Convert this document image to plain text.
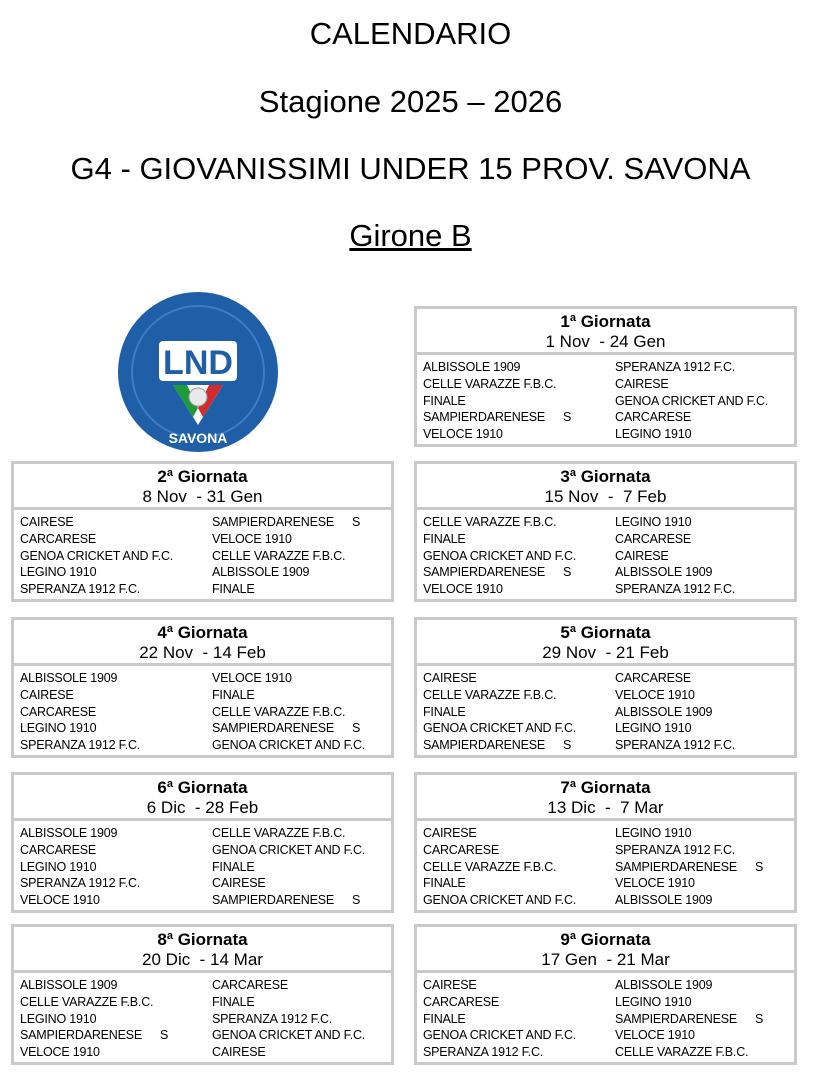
CALENDARIO
Stagione 2025 – 2026
G4 - GIOVANISSIMI UNDER 15 PROV. SAVONA
Girone B
LND
SAVONA
1$^a$ Giornata
1 Nov  - 24 Gen
ALBISSOLE 1909	SPERANZA 1912 F.C.
CELLE VARAZZE F.B.C.	CAIRESE
FINALE	GENOA CRICKET AND F.C.
SAMPIERDARENESE S	CARCARESE
VELOCE 1910	LEGINO 1910
2$^a$ Giornata
8 Nov  - 31 Gen
CAIRESE	SAMPIERDARENESE S
CARCARESE	VELOCE 1910
GENOA CRICKET AND F.C.	CELLE VARAZZE F.B.C.
LEGINO 1910	ALBISSOLE 1909
SPERANZA 1912 F.C.	FINALE
3$^a$ Giornata
15 Nov  -  7 Feb
CELLE VARAZZE F.B.C.	LEGINO 1910
FINALE	CARCARESE
GENOA CRICKET AND F.C.	CAIRESE
SAMPIERDARENESE S	ALBISSOLE 1909
VELOCE 1910	SPERANZA 1912 F.C.
4$^a$ Giornata
22 Nov  - 14 Feb
ALBISSOLE 1909	VELOCE 1910
CAIRESE	FINALE
CARCARESE	CELLE VARAZZE F.B.C.
LEGINO 1910	SAMPIERDARENESE S
SPERANZA 1912 F.C.	GENOA CRICKET AND F.C.
5$^a$ Giornata
29 Nov  - 21 Feb
CAIRESE	CARCARESE
CELLE VARAZZE F.B.C.	VELOCE 1910
FINALE	ALBISSOLE 1909
GENOA CRICKET AND F.C.	LEGINO 1910
SAMPIERDARENESE S	SPERANZA 1912 F.C.
6$^a$ Giornata
6 Dic  - 28 Feb
ALBISSOLE 1909	CELLE VARAZZE F.B.C.
CARCARESE	GENOA CRICKET AND F.C.
LEGINO 1910	FINALE
SPERANZA 1912 F.C.	CAIRESE
VELOCE 1910	SAMPIERDARENESE S
7$^a$ Giornata
13 Dic  -  7 Mar
CAIRESE	LEGINO 1910
CARCARESE	SPERANZA 1912 F.C.
CELLE VARAZZE F.B.C.	SAMPIERDARENESE S
FINALE	VELOCE 1910
GENOA CRICKET AND F.C.	ALBISSOLE 1909
8$^a$ Giornata
20 Dic  - 14 Mar
ALBISSOLE 1909	CARCARESE
CELLE VARAZZE F.B.C.	FINALE
LEGINO 1910	SPERANZA 1912 F.C.
SAMPIERDARENESE S	GENOA CRICKET AND F.C.
VELOCE 1910	CAIRESE
9$^a$ Giornata
17 Gen  - 21 Mar
CAIRESE	ALBISSOLE 1909
CARCARESE	LEGINO 1910
FINALE	SAMPIERDARENESE S
GENOA CRICKET AND F.C.	VELOCE 1910
SPERANZA 1912 F.C.	CELLE VARAZZE F.B.C.
